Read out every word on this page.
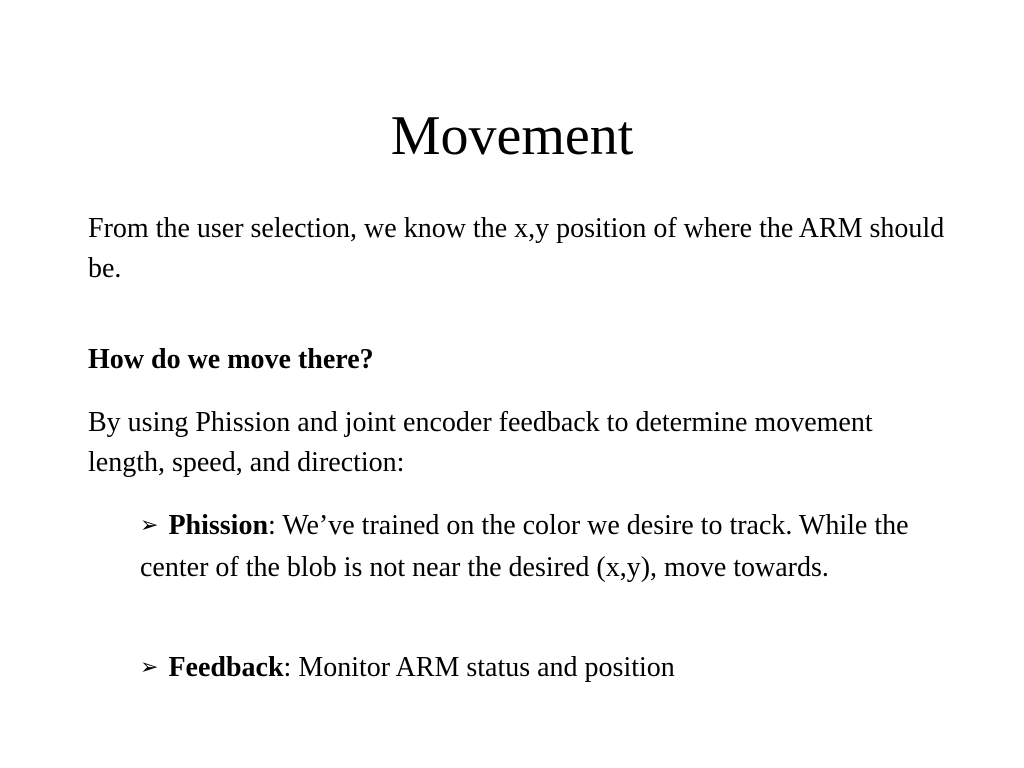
Movement

From the user selection, we know the x,y position of where the ARM should be.

How do we move there?

By using Phission and joint encoder feedback to determine movement length, speed, and direction:

➢ Phission: We’ve trained on the color we desire to track. While the center of the blob is not near the desired (x,y), move towards.

➢ Feedback: Monitor ARM status and position
